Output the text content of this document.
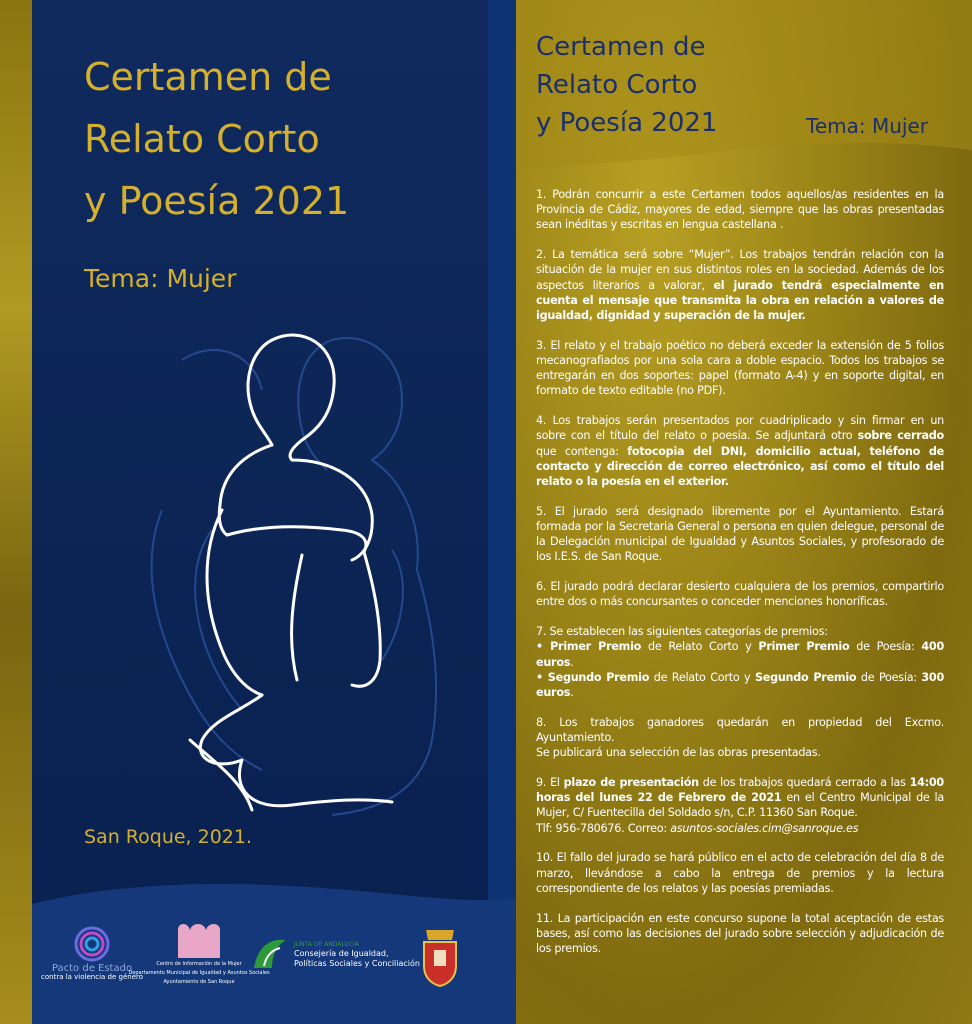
Certamen de
Relato Corto
y Poesía 2021
Tema: Mujer
San Roque, 2021.
Pacto de Estado
contra la violencia de género
Centro de Información de la Mujer
Departamento Municipal de Igualdad y Asuntos Sociales
Ayuntamiento de San Roque
JUNTA DE ANDALUCÍA
Consejería de Igualdad,
Políticas Sociales y Conciliación
Certamen de
Relato Corto
y Poesía 2021	Tema: Mujer

1. Podrán concurrir a este Certamen todos aquellos/as residentes en la Provincia de Cádiz, mayores de edad, siempre que las obras presentadas sean inéditas y escritas en lengua castellana .

2. La temática será sobre “Mujer”. Los trabajos tendrán relación con la situación de la mujer en sus distintos roles en la sociedad. Además de los aspectos literarios a valorar, el jurado tendrá especialmente en cuenta el mensaje que transmita la obra en relación a valores de igualdad, dignidad y superación de la mujer.

3. El relato y el trabajo poético no deberá exceder la extensión de 5 folios mecanografiados por una sola cara a doble espacio. Todos los trabajos se entregarán en dos soportes: papel (formato A-4) y en soporte digital, en formato de texto editable (no PDF).

4. Los trabajos serán presentados por cuadriplicado y sin firmar en un sobre con el título del relato o poesía. Se adjuntará otro sobre cerrado que contenga: fotocopia del DNI, domicilio actual, teléfono de contacto y dirección de correo electrónico, así como el título del relato o la poesía en el exterior.

5. El jurado será designado libremente por el Ayuntamiento. Estará formada por la Secretaria General o persona en quien delegue, personal de la Delegación municipal de Igualdad y Asuntos Sociales, y profesorado de los I.E.S. de San Roque.

6. El jurado podrá declarar desierto cualquiera de los premios, compartirlo entre dos o más concursantes o conceder menciones honoríficas.

7. Se establecen las siguientes categorías de premios:
• Primer Premio de Relato Corto y Primer Premio de Poesía: 400 euros.
• Segundo Premio de Relato Corto y Segundo Premio de Poesía: 300 euros.

8. Los trabajos ganadores quedarán en propiedad del Excmo. Ayuntamiento.
Se publicará una selección de las obras presentadas.

9. El plazo de presentación de los trabajos quedará cerrado a las 14:00 horas del lunes 22 de Febrero de 2021 en el Centro Municipal de la Mujer, C/ Fuentecilla del Soldado s/n, C.P. 11360 San Roque.
Tlf: 956-780676. Correo: asuntos-sociales.cim@sanroque.es

10. El fallo del jurado se hará público en el acto de celebración del día 8 de marzo, llevándose a cabo la entrega de premios y la lectura correspondiente de los relatos y las poesías premiadas.

11. La participación en este concurso supone la total aceptación de estas bases, así como las decisiones del jurado sobre selección y adjudicación de los premios.
